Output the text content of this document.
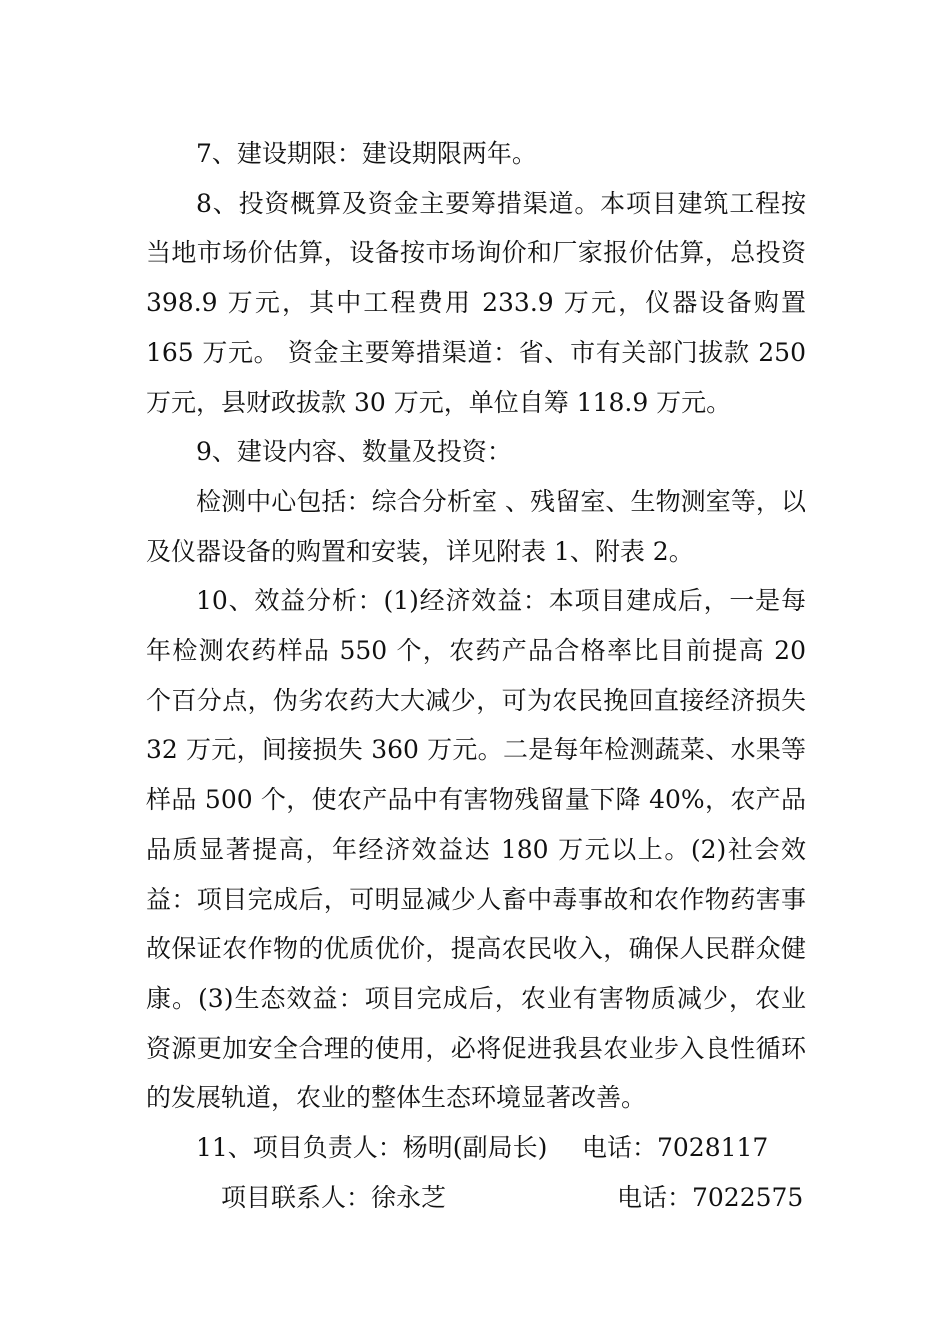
7、建设期限：建设期限两年。

8、投资概算及资金主要筹措渠道。本项目建筑工程按当地市场价估算，设备按市场询价和厂家报价估算，总投资 398.9 万元，其中工程费用 233.9 万元，仪器设备购置 165 万元。 资金主要筹措渠道：省、市有关部门拔款 250 万元，县财政拔款 30 万元，单位自筹 118.9 万元。

9、建设内容、数量及投资：

检测中心包括：综合分析室 、残留室、生物测室等，以及仪器设备的购置和安装，详见附表 1、附表 2。

10、效益分析：(1)经济效益：本项目建成后，一是每年检测农药样品 550 个，农药产品合格率比目前提高 20 个百分点，伪劣农药大大减少，可为农民挽回直接经济损失 32 万元，间接损失 360 万元。二是每年检测蔬菜、水果等样品 500 个，使农产品中有害物残留量下降 40%，农产品品质显著提高，年经济效益达 180 万元以上。(2)社会效益：项目完成后，可明显减少人畜中毒事故和农作物药害事故保证农作物的优质优价，提高农民收入，确保人民群众健康。(3)生态效益：项目完成后，农业有害物质减少，农业资源更加安全合理的使用，必将促进我县农业步入良性循环的发展轨道，农业的整体生态环境显著改善。

11、项目负责人：杨明(副局长) 电话：7028117
项目联系人：徐永芝	电话：7022575
